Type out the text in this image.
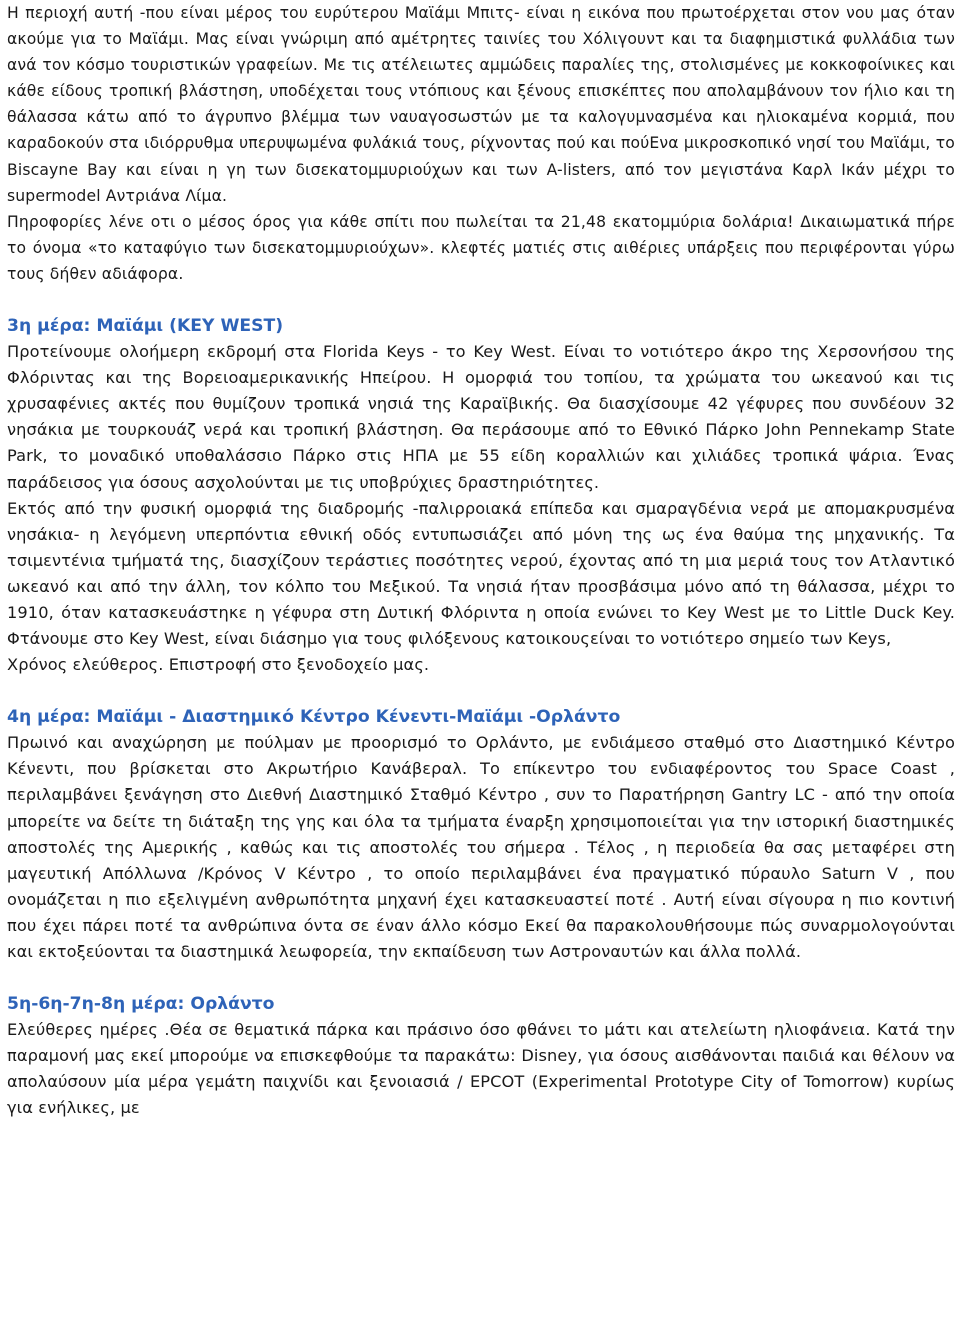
Η περιοχή αυτή -που είναι μέρος του ευρύτερου Μαϊάμι Μπιτς- είναι η εικόνα που πρωτοέρχεται στον νου μας όταν ακούμε για το Μαϊάμι. Μας είναι γνώριμη από αμέτρητες ταινίες του Χόλιγουντ και τα διαφημιστικά φυλλάδια των ανά τον κόσμο τουριστικών γραφείων. Με τις ατέλειωτες αμμώδεις παραλίες της, στολισμένες με κοκκοφοίνικες και κάθε είδους τροπική βλάστηση, υποδέχεται τους ντόπιους και ξένους επισκέπτες που απολαμβάνουν τον ήλιο και τη θάλασσα κάτω από το άγρυπνο βλέμμα των ναυαγοσωστών με τα καλογυμνασμένα και ηλιοκαμένα κορμιά, που καραδοκούν στα ιδιόρρυθμα υπερυψωμένα φυλάκιά τους, ρίχνοντας πού και πούΕνα μικροσκοπικό νησί του Μαϊάμι, το Biscayne Bay και είναι η γη των δισεκατομμυριούχων και των A-listers, από τον μεγιστάνα Καρλ Ικάν μέχρι το supermodel Αντριάνα Λίμα.

Πηροφορίες λένε οτι ο μέσος όρος για κάθε σπίτι που πωλείται τα 21,48 εκατομμύρια δολάρια! Δικαιωματικά πήρε το όνομα «το καταφύγιο των δισεκατομμυριούχων». κλεφτές ματιές στις αιθέριες υπάρξεις που περιφέρονται γύρω τους δήθεν αδιάφορα.

3η μέρα: Μαϊάμι (KEY WEST)

Προτείνουμε ολοήμερη εκδρομή στα Florida Keys - το Key West. Είναι το νοτιότερο άκρο της Χερσονήσου της Φλόριντας και της Βορειοαμερικανικής Ηπείρου. Η ομορφιά του τοπίου, τα χρώματα του ωκεανού και τις χρυσαφένιες ακτές που θυμίζουν τροπικά νησιά της Καραϊβικής. Θα διασχίσουμε 42 γέφυρες που συνδέουν 32 νησάκια με τουρκουάζ νερά και τροπική βλάστηση. Θα περάσουμε από το Εθνικό Πάρκο John Pennekamp State Park, το μοναδικό υποθαλάσσιο Πάρκο στις ΗΠΑ με 55 είδη κοραλλιών και χιλιάδες τροπικά ψάρια. Ένας παράδεισος για όσους ασχολούνται με τις υποβρύχιες δραστηριότητες.

Εκτός από την φυσική ομορφιά της διαδρομής -παλιρροιακά επίπεδα και σμαραγδένια νερά με απομακρυσμένα νησάκια- η λεγόμενη υπερπόντια εθνική οδός εντυπωσιάζει από μόνη της ως ένα θαύμα της μηχανικής. Τα τσιμεντένια τμήματά της, διασχίζουν τεράστιες ποσότητες νερού, έχοντας από τη μια μεριά τους τον Ατλαντικό ωκεανό και από την άλλη, τον κόλπο του Μεξικού. Τα νησιά ήταν προσβάσιμα μόνο από τη θάλασσα, μέχρι το 1910, όταν κατασκευάστηκε η γέφυρα στη Δυτική Φλόριντα η οποία ενώνει το Key West με το Little Duck Key. Φτάνουμε στο Key West, είναι διάσημο για τους φιλόξενους κατοικουςείναι το νοτιότερο σημείο των Keys,

Χρόνος ελεύθερος. Επιστροφή στο ξενοδοχείο μας.

4η μέρα: Μαϊάμι - Διαστημικό Κέντρο Κένεντι-Μαϊάμι -Ορλάντο

Πρωινό και αναχώρηση με πούλμαν με προορισμό το Ορλάντο, με ενδιάμεσο σταθμό στο Διαστημικό Κέντρο Κένεντι, που βρίσκεται στο Ακρωτήριο Κανάβεραλ. Το επίκεντρο του ενδιαφέροντος του Space Coast , περιλαμβάνει ξενάγηση στο Διεθνή Διαστημικό Σταθμό Κέντρο , συν το Παρατήρηση Gantry LC - από την οποία μπορείτε να δείτε τη διάταξη της γης και όλα τα τμήματα έναρξη χρησιμοποιείται για την ιστορική διαστημικές αποστολές της Αμερικής , καθώς και τις αποστολές του σήμερα . Τέλος , η περιοδεία θα σας μεταφέρει στη μαγευτική Απόλλωνα /Κρόνος V Κέντρο , το οποίο περιλαμβάνει ένα πραγματικό πύραυλο Saturn V , που ονομάζεται η πιο εξελιγμένη ανθρωπότητα μηχανή έχει κατασκευαστεί ποτέ . Αυτή είναι σίγουρα η πιο κοντινή που έχει πάρει ποτέ τα ανθρώπινα όντα σε έναν άλλο κόσμο Εκεί θα παρακολουθήσουμε πώς συναρμολογούνται και εκτοξεύονται τα διαστημικά λεωφορεία, την εκπαίδευση των Αστροναυτών και άλλα πολλά.

5η-6η-7η-8η μέρα: Ορλάντο

Ελεύθερες ημέρες .Θέα σε θεματικά πάρκα και πράσινο όσο φθάνει το μάτι και ατελείωτη ηλιοφάνεια. Κατά την παραμονή μας εκεί μπορούμε να επισκεφθούμε τα παρακάτω: Disney, για όσους αισθάνονται παιδιά και θέλουν να απολαύσουν μία μέρα γεμάτη παιχνίδι και ξενοιασιά / EPCOT (Experimental Prototype City of Tomorrow) κυρίως για ενήλικες, με
